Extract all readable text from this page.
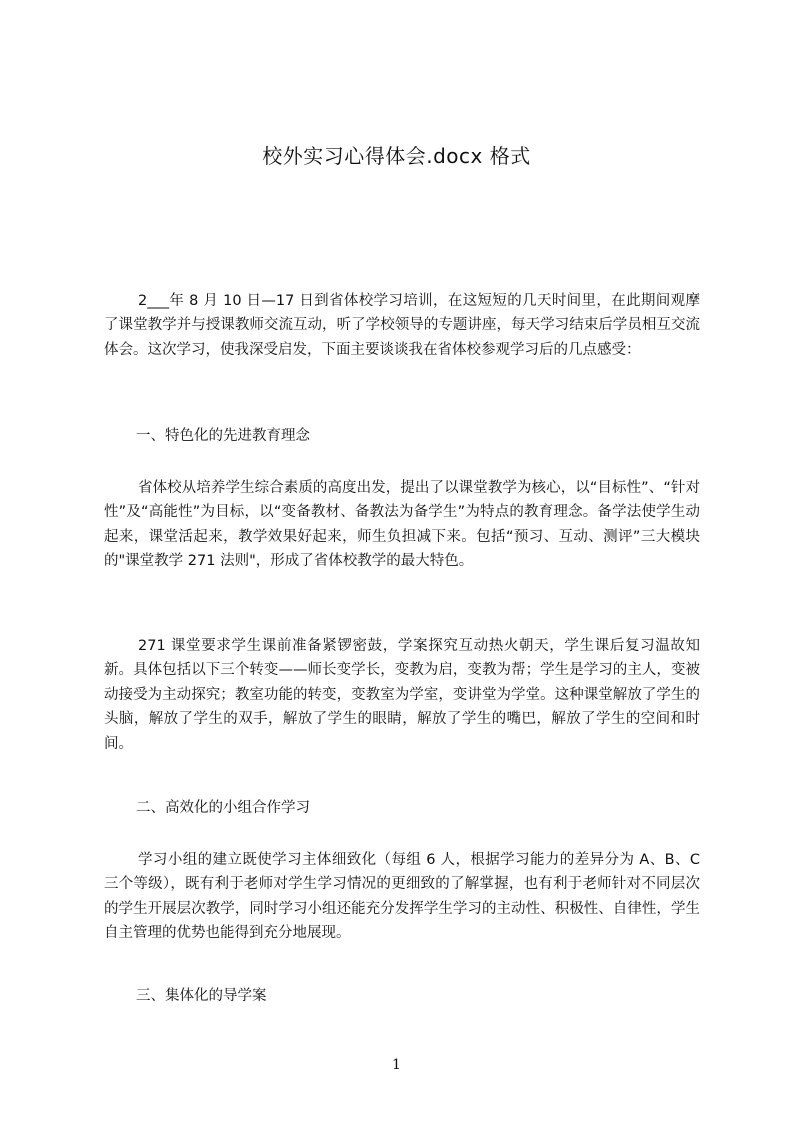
校外实习心得体会.docx 格式

2___年 8 月 10 日—17 日到省体校学习培训，在这短短的几天时间里，在此期间观摩了课堂教学并与授课教师交流互动，听了学校领导的专题讲座，每天学习结束后学员相互交流体会。这次学习，使我深受启发，下面主要谈谈我在省体校参观学习后的几点感受：

一、特色化的先进教育理念

省体校从培养学生综合素质的高度出发，提出了以课堂教学为核心，以“目标性”、“针对性”及“高能性”为目标，以“变备教材、备教法为备学生”为特点的教育理念。备学法使学生动起来，课堂活起来，教学效果好起来，师生负担减下来。包括“预习、互动、测评”三大模块的"课堂教学 271 法则"，形成了省体校教学的最大特色。

271 课堂要求学生课前准备紧锣密鼓，学案探究互动热火朝天，学生课后复习温故知新。具体包括以下三个转变——师长变学长，变教为启，变教为帮；学生是学习的主人，变被动接受为主动探究；教室功能的转变，变教室为学室，变讲堂为学堂。这种课堂解放了学生的头脑，解放了学生的双手，解放了学生的眼睛，解放了学生的嘴巴，解放了学生的空间和时间。

二、高效化的小组合作学习

学习小组的建立既使学习主体细致化（每组 6 人，根据学习能力的差异分为 A、B、C 三个等级），既有利于老师对学生学习情况的更细致的了解掌握，也有利于老师针对不同层次的学生开展层次教学，同时学习小组还能充分发挥学生学习的主动性、积极性、自律性，学生自主管理的优势也能得到充分地展现。

三、集体化的导学案

1
